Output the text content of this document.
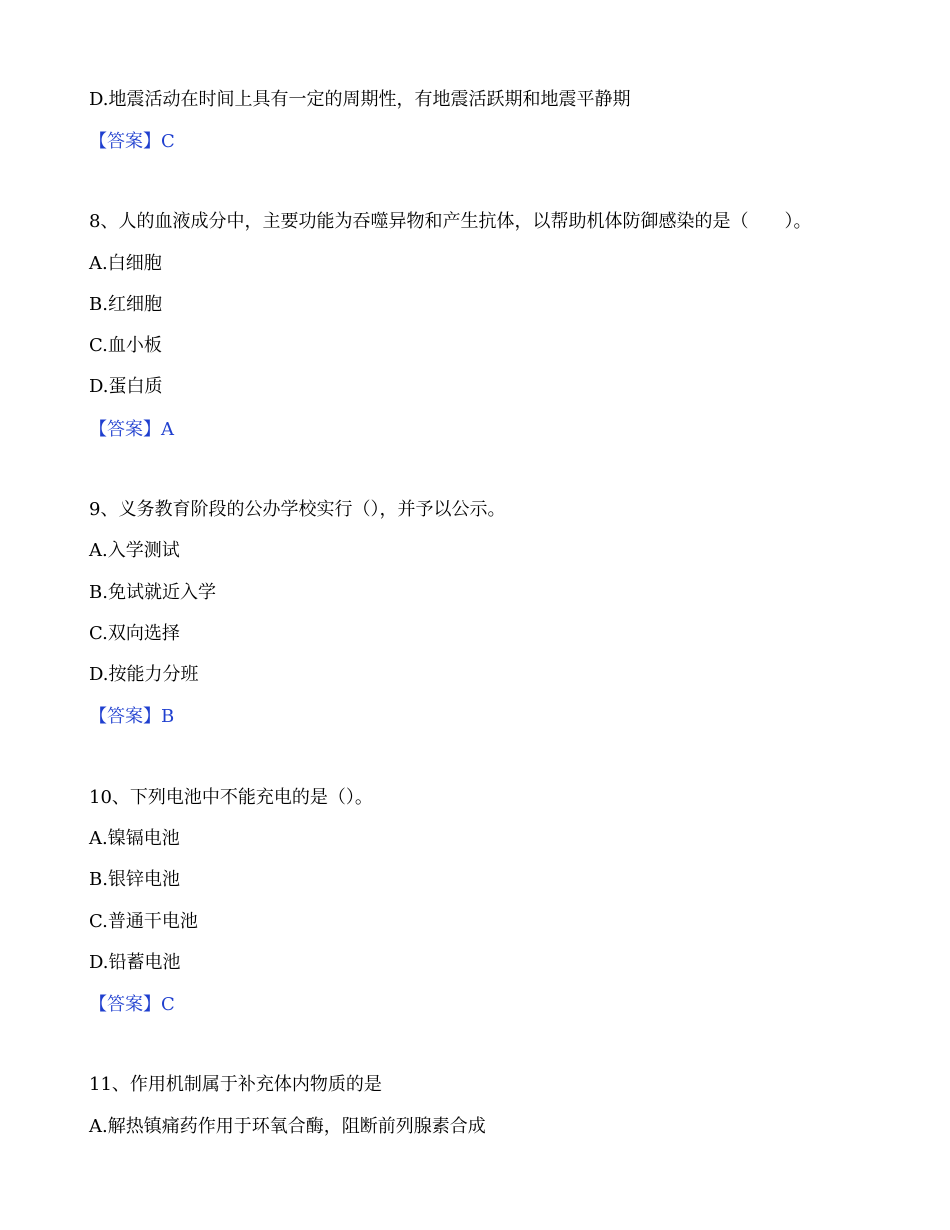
D.地震活动在时间上具有一定的周期性，有地震活跃期和地震平静期
【答案】C
8、人的血液成分中，主要功能为吞噬异物和产生抗体，以帮助机体防御感染的是（　　）。
A.白细胞
B.红细胞
C.血小板
D.蛋白质
【答案】A
9、义务教育阶段的公办学校实行（），并予以公示。
A.入学测试
B.免试就近入学
C.双向选择
D.按能力分班
【答案】B
10、下列电池中不能充电的是（）。
A.镍镉电池
B.银锌电池
C.普通干电池
D.铅蓄电池
【答案】C
11、作用机制属于补充体内物质的是
A.解热镇痛药作用于环氧合酶，阻断前列腺素合成
